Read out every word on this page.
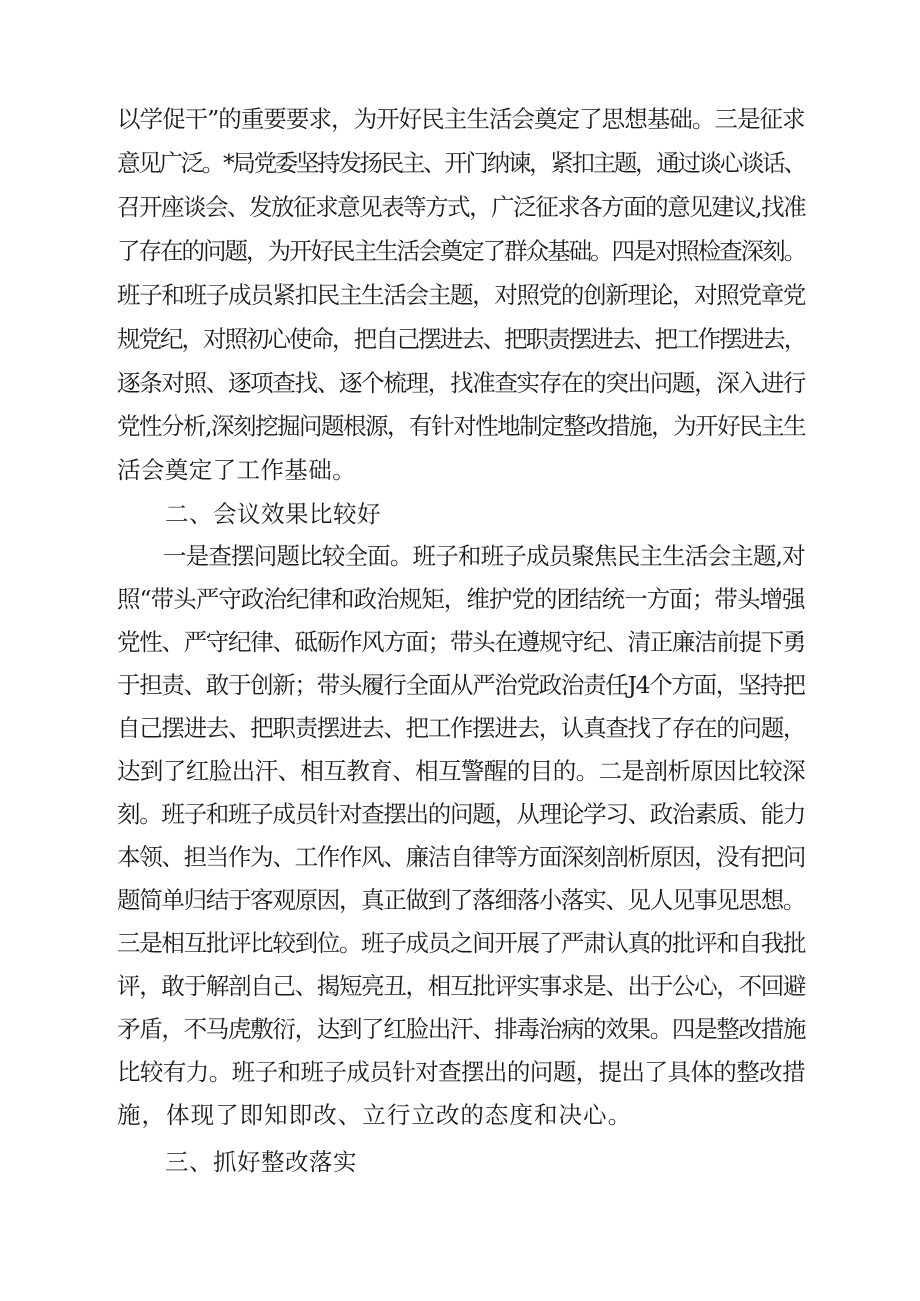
以学促干”的重要要求，为开好民主生活会奠定了思想基础。三是征求
意见广泛。*局党委坚持发扬民主、开门纳谏，紧扣主题，通过谈心谈话、
召开座谈会、发放征求意见表等方式，广泛征求各方面的意见建议,找准
了存在的问题，为开好民主生活会奠定了群众基础。四是对照检查深刻。
班子和班子成员紧扣民主生活会主题，对照党的创新理论，对照党章党
规党纪，对照初心使命，把自己摆进去、把职责摆进去、把工作摆进去，
逐条对照、逐项查找、逐个梳理，找准查实存在的突出问题，深入进行
党性分析,深刻挖掘问题根源，有针对性地制定整改措施，为开好民主生
活会奠定了工作基础。
二、会议效果比较好
一是查摆问题比较全面。班子和班子成员聚焦民主生活会主题,对
照“带头严守政治纪律和政治规矩，维护党的团结统一方面；带头增强
党性、严守纪律、砥砺作风方面；带头在遵规守纪、清正廉洁前提下勇
于担责、敢于创新；带头履行全面从严治党政治责任J4个方面，坚持把
自己摆进去、把职责摆进去、把工作摆进去，认真查找了存在的问题，
达到了红脸出汗、相互教育、相互警醒的目的。二是剖析原因比较深
刻。班子和班子成员针对查摆出的问题，从理论学习、政治素质、能力
本领、担当作为、工作作风、廉洁自律等方面深刻剖析原因，没有把问
题简单归结于客观原因，真正做到了落细落小落实、见人见事见思想。
三是相互批评比较到位。班子成员之间开展了严肃认真的批评和自我批
评，敢于解剖自己、揭短亮丑，相互批评实事求是、出于公心，不回避
矛盾，不马虎敷衍，达到了红脸出汗、排毒治病的效果。四是整改措施
比较有力。班子和班子成员针对查摆出的问题，提出了具体的整改措
施，体现了即知即改、立行立改的态度和决心。
三、抓好整改落实
